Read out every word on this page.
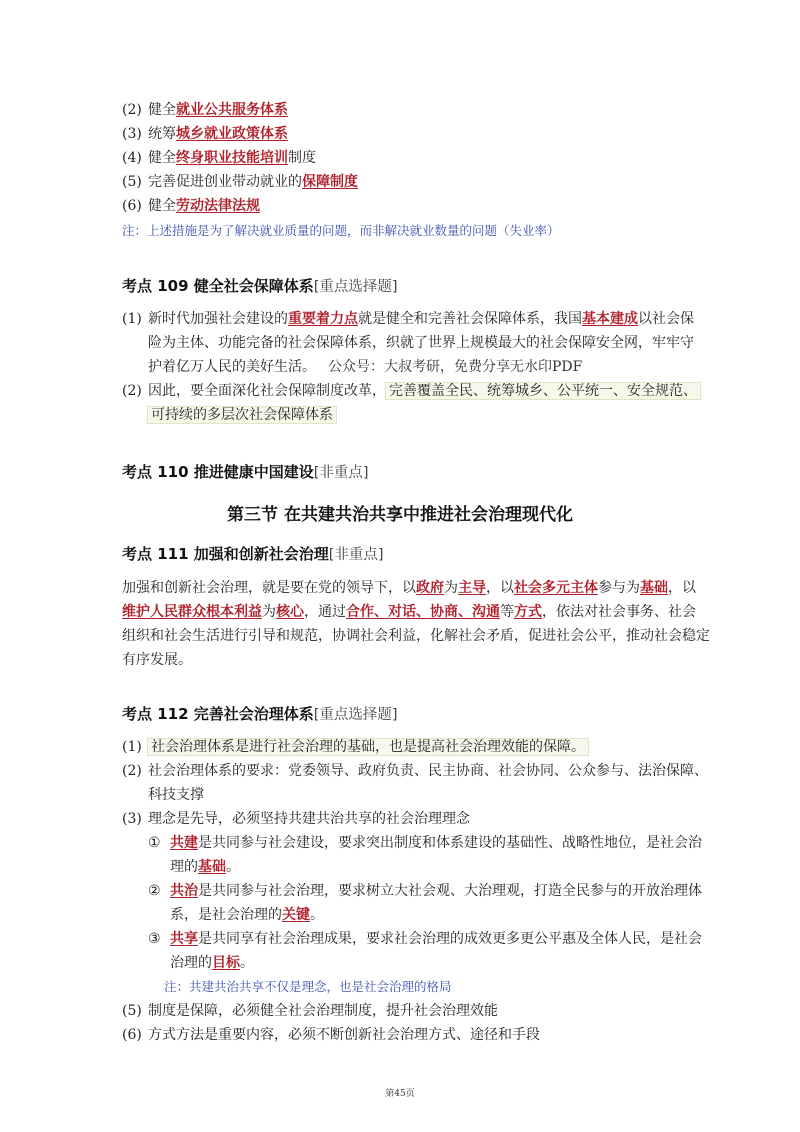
(2) 健全就业公共服务体系
(3) 统筹城乡就业政策体系
(4) 健全终身职业技能培训制度
(5) 完善促进创业带动就业的保障制度
(6) 健全劳动法律法规
注：上述措施是为了解决就业质量的问题，而非解决就业数量的问题（失业率）
考点 109 健全社会保障体系[重点选择题]
(1) 新时代加强社会建设的重要着力点就是健全和完善社会保障体系，我国基本建成以社会保
险为主体、功能完备的社会保障体系，织就了世界上规模最大的社会保障安全网，牢牢守
护着亿万人民的美好生活。 公众号：大叔考研，免费分享无水印PDF
(2) 因此，要全面深化社会保障制度改革， 完善覆盖全民、统筹城乡、公平统一、安全规范、
可持续的多层次社会保障体系
考点 110 推进健康中国建设[非重点]
第三节 在共建共治共享中推进社会治理现代化
考点 111 加强和创新社会治理[非重点]
加强和创新社会治理，就是要在党的领导下，以政府为主导，以社会多元主体参与为基础，以
维护人民群众根本利益为核心，通过合作、对话、协商、沟通等方式，依法对社会事务、社会
组织和社会生活进行引导和规范，协调社会利益，化解社会矛盾，促进社会公平，推动社会稳定
有序发展。
考点 112 完善社会治理体系[重点选择题]
(1) 社会治理体系是进行社会治理的基础，也是提高社会治理效能的保障。
(2) 社会治理体系的要求：党委领导、政府负责、民主协商、社会协同、公众参与、法治保障、
科技支撑
(3) 理念是先导，必须坚持共建共治共享的社会治理理念
① 共建是共同参与社会建设，要求突出制度和体系建设的基础性、战略性地位，是社会治
理的基础。
② 共治是共同参与社会治理，要求树立大社会观、大治理观，打造全民参与的开放治理体
系，是社会治理的关键。
③ 共享是共同享有社会治理成果，要求社会治理的成效更多更公平惠及全体人民，是社会
治理的目标。
注：共建共治共享不仅是理念，也是社会治理的格局
(5) 制度是保障，必须健全社会治理制度，提升社会治理效能
(6) 方式方法是重要内容，必须不断创新社会治理方式、途径和手段
第45页
